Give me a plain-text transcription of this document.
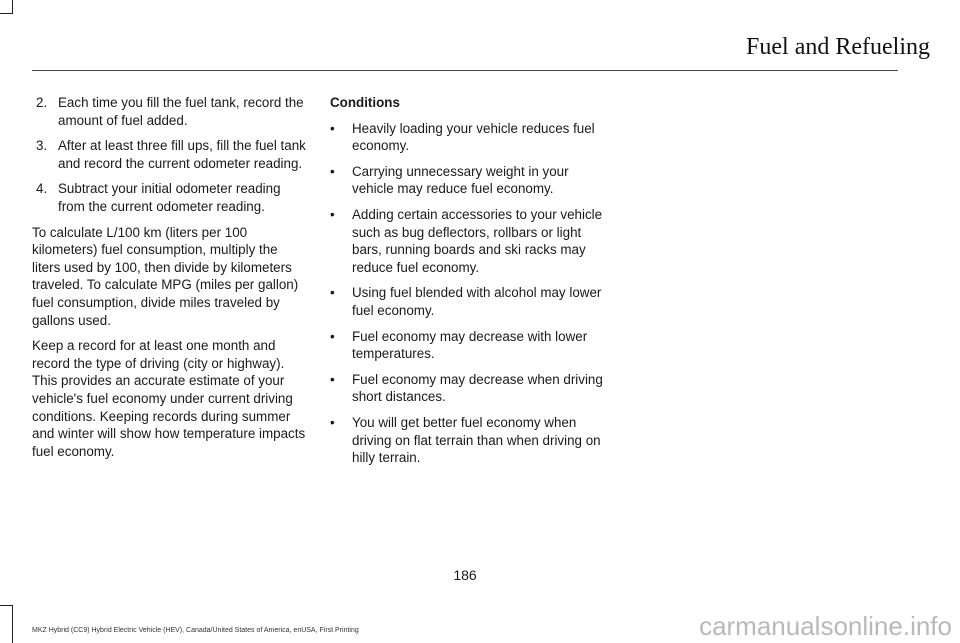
Fuel and Refueling
2. Each time you fill the fuel tank, record the amount of fuel added.
3. After at least three fill ups, fill the fuel tank and record the current odometer reading.
4. Subtract your initial odometer reading from the current odometer reading.

To calculate L/100 km (liters per 100 kilometers) fuel consumption, multiply the liters used by 100, then divide by kilometers traveled. To calculate MPG (miles per gallon) fuel consumption, divide miles traveled by gallons used.

Keep a record for at least one month and record the type of driving (city or highway). This provides an accurate estimate of your vehicle's fuel economy under current driving conditions. Keeping records during summer and winter will show how temperature impacts fuel economy.

Conditions

• Heavily loading your vehicle reduces fuel economy.
• Carrying unnecessary weight in your vehicle may reduce fuel economy.
• Adding certain accessories to your vehicle such as bug deflectors, rollbars or light bars, running boards and ski racks may reduce fuel economy.
• Using fuel blended with alcohol may lower fuel economy.
• Fuel economy may decrease with lower temperatures.
• Fuel economy may decrease when driving short distances.
• You will get better fuel economy when driving on flat terrain than when driving on hilly terrain.
186
MKZ Hybrid (CC9) Hybrid Electric Vehicle (HEV), Canada/United States of America, enUSA, First Printing	carmanualsonline.info
